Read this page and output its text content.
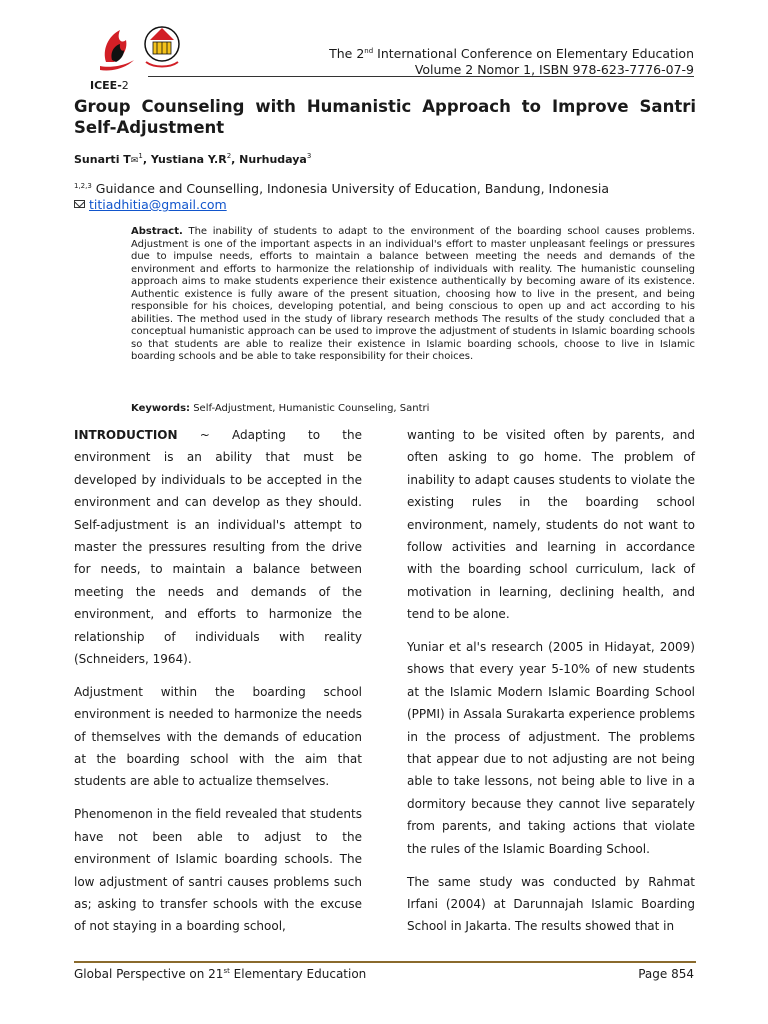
ICEE-2
The 2nd International Conference on Elementary Education
Volume 2 Nomor 1, ISBN 978-623-7776-07-9
Group Counseling with Humanistic Approach to Improve Santri Self-Adjustment
Sunarti T✉$^1$, Yustiana $Y.R^2$, Nurhudaya$^3$
$^{1,2,3}$ Guidance and Counselling, Indonesia University of Education, Bandung, Indonesia
titiadhitia@gmail.com
Abstract. The inability of students to adapt to the environment of the boarding school causes problems. Adjustment is one of the important aspects in an individual's effort to master unpleasant feelings or pressures due to impulse needs, efforts to maintain a balance between meeting the needs and demands of the environment and efforts to harmonize the relationship of individuals with reality. The humanistic counseling approach aims to make students experience their existence authentically by becoming aware of its existence. Authentic existence is fully aware of the present situation, choosing how to live in the present, and being responsible for his choices, developing potential, and being conscious to open up and act according to his abilities. The method used in the study of library research methods The results of the study concluded that a conceptual humanistic approach can be used to improve the adjustment of students in Islamic boarding schools so that students are able to realize their existence in Islamic boarding schools, choose to live in Islamic boarding schools and be able to take responsibility for their choices.
Keywords: Self-Adjustment, Humanistic Counseling, Santri

INTRODUCTION ~ Adapting to the environment is an ability that must be developed by individuals to be accepted in the environment and can develop as they should. Self-adjustment is an individual's attempt to master the pressures resulting from the drive for needs, to maintain a balance between meeting the needs and demands of the environment, and efforts to harmonize the relationship of individuals with reality (Schneiders, 1964).

Adjustment within the boarding school environment is needed to harmonize the needs of themselves with the demands of education at the boarding school with the aim that students are able to actualize themselves.

Phenomenon in the field revealed that students have not been able to adjust to the environment of Islamic boarding schools. The low adjustment of santri causes problems such as; asking to transfer schools with the excuse of not staying in a boarding school,

wanting to be visited often by parents, and often asking to go home. The problem of inability to adapt causes students to violate the existing rules in the boarding school environment, namely, students do not want to follow activities and learning in accordance with the boarding school curriculum, lack of motivation in learning, declining health, and tend to be alone.

Yuniar et al's research (2005 in Hidayat, 2009) shows that every year 5-10% of new students at the Islamic Modern Islamic Boarding School (PPMI) in Assala Surakarta experience problems in the process of adjustment. The problems that appear due to not adjusting are not being able to take lessons, not being able to live in a dormitory because they cannot live separately from parents, and taking actions that violate the rules of the Islamic Boarding School.

The same study was conducted by Rahmat Irfani (2004) at Darunnajah Islamic Boarding School in Jakarta. The results showed that in

Global Perspective on 21st Elementary Education	Page 854
